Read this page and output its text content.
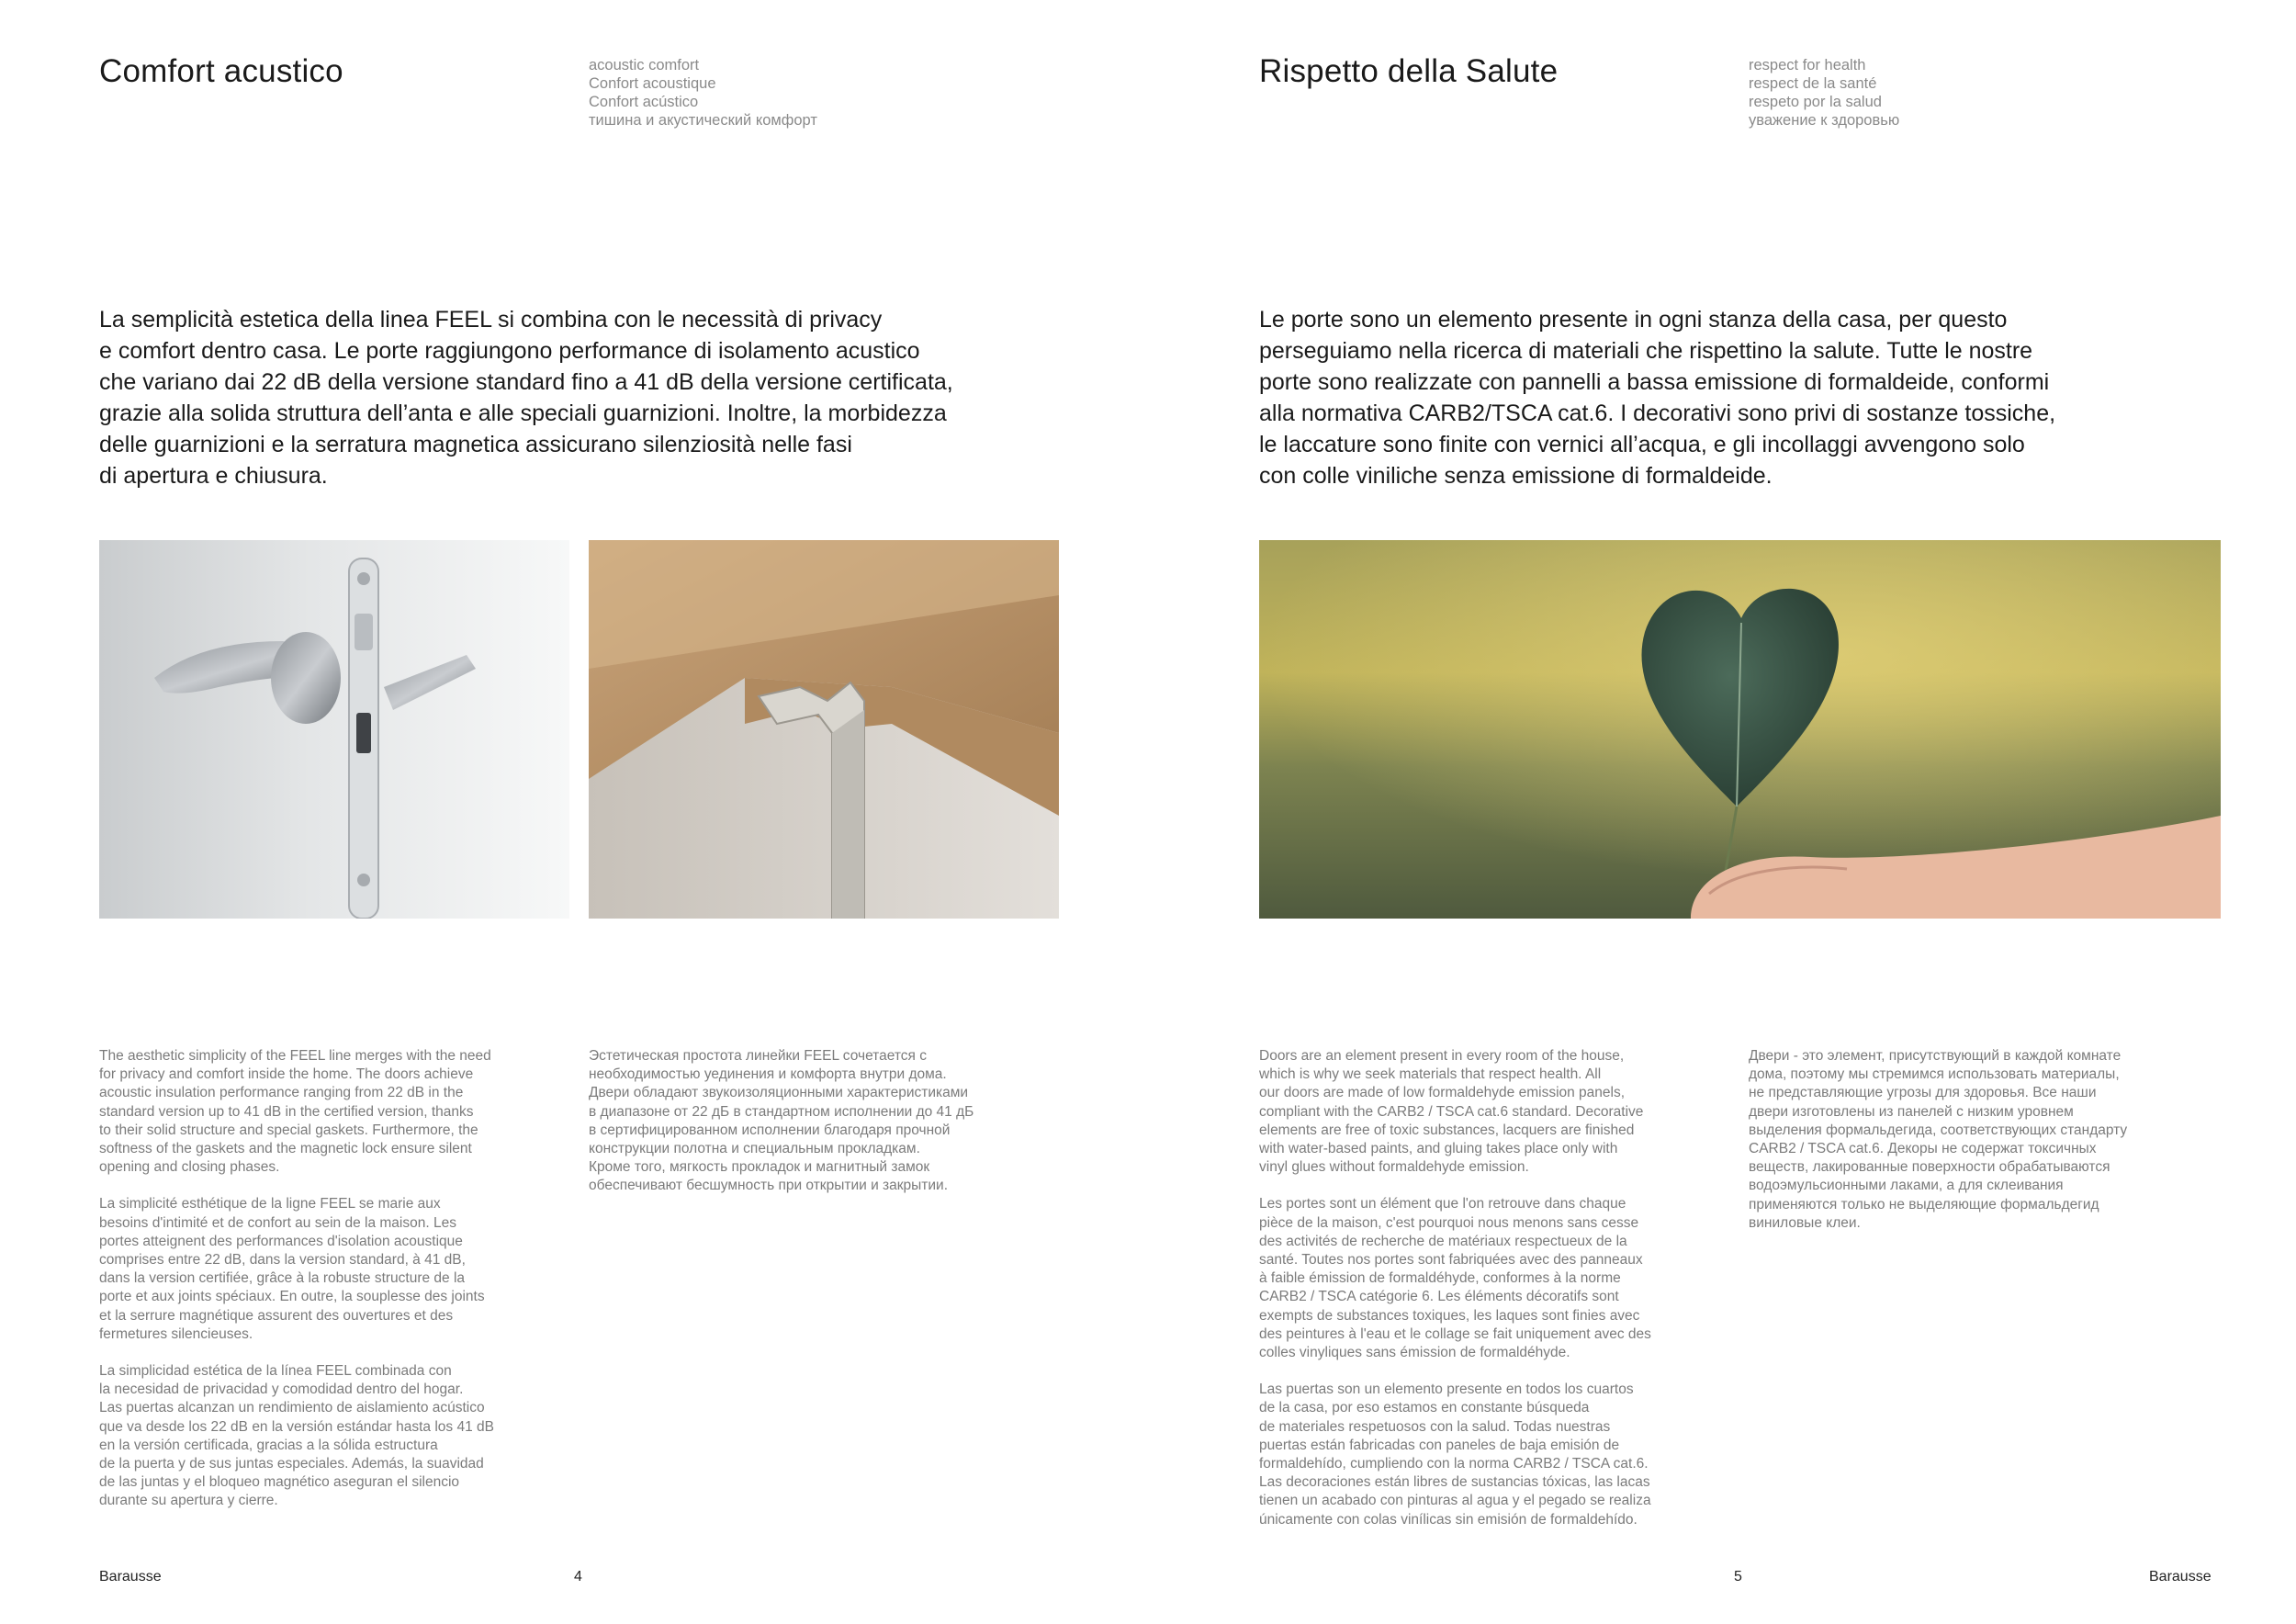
Comfort acustico	acoustic comfort
Confort acoustique
Confort acústico
тишина и акустический комфорт
La semplicità estetica della linea FEEL si combina con le necessità di privacy
e comfort dentro casa. Le porte raggiungono performance di isolamento acustico
che variano dai 22 dB della versione standard fino a 41 dB della versione certificata,
grazie alla solida struttura dell’anta e alle speciali guarnizioni. Inoltre, la morbidezza
delle guarnizioni e la serratura magnetica assicurano silenziosità nelle fasi
di apertura e chiusura.

The aesthetic simplicity of the FEEL line merges with the need
for privacy and comfort inside the home. The doors achieve
acoustic insulation performance ranging from 22 dB in the
standard version up to 41 dB in the certified version, thanks
to their solid structure and special gaskets. Furthermore, the
softness of the gaskets and the magnetic lock ensure silent
opening and closing phases.

La simplicité esthétique de la ligne FEEL se marie aux
besoins d'intimité et de confort au sein de la maison. Les
portes atteignent des performances d'isolation acoustique
comprises entre 22 dB, dans la version standard, à 41 dB,
dans la version certifiée, grâce à la robuste structure de la
porte et aux joints spéciaux. En outre, la souplesse des joints
et la serrure magnétique assurent des ouvertures et des
fermetures silencieuses.

La simplicidad estética de la línea FEEL combinada con
la necesidad de privacidad y comodidad dentro del hogar.
Las puertas alcanzan un rendimiento de aislamiento acústico
que va desde los 22 dB en la versión estándar hasta los 41 dB
en la versión certificada, gracias a la sólida estructura
de la puerta y de sus juntas especiales. Además, la suavidad
de las juntas y el bloqueo magnético aseguran el silencio
durante su apertura y cierre.

Эстетическая простота линейки FEEL сочетается с
необходимостью уединения и комфорта внутри дома.
Двери обладают звукоизоляционными характеристиками
в диапазоне от 22 дБ в стандартном исполнении до 41 дБ
в сертифицированном исполнении благодаря прочной
конструкции полотна и специальным прокладкам.
Кроме того, мягкость прокладок и магнитный замок
обеспечивают бесшумность при открытии и закрытии.

Barausse	4
Rispetto della Salute	respect for health
respect de la santé
respeto por la salud
уважение к здоровью
Le porte sono un elemento presente in ogni stanza della casa, per questo
perseguiamo nella ricerca di materiali che rispettino la salute. Tutte le nostre
porte sono realizzate con pannelli a bassa emissione di formaldeide, conformi
alla normativa CARB2/TSCA cat.6. I decorativi sono privi di sostanze tossiche,
le laccature sono finite con vernici all’acqua, e gli incollaggi avvengono solo
con colle viniliche senza emissione di formaldeide.

Doors are an element present in every room of the house,
which is why we seek materials that respect health. All
our doors are made of low formaldehyde emission panels,
compliant with the CARB2 / TSCA cat.6 standard. Decorative
elements are free of toxic substances, lacquers are finished
with water-based paints, and gluing takes place only with
vinyl glues without formaldehyde emission.

Les portes sont un élément que l'on retrouve dans chaque
pièce de la maison, c'est pourquoi nous menons sans cesse
des activités de recherche de matériaux respectueux de la
santé. Toutes nos portes sont fabriquées avec des panneaux
à faible émission de formaldéhyde, conformes à la norme
CARB2 / TSCA catégorie 6. Les éléments décoratifs sont
exempts de substances toxiques, les laques sont finies avec
des peintures à l'eau et le collage se fait uniquement avec des
colles vinyliques sans émission de formaldéhyde.

Las puertas son un elemento presente en todos los cuartos
de la casa, por eso estamos en constante búsqueda
de materiales respetuosos con la salud. Todas nuestras
puertas están fabricadas con paneles de baja emisión de
formaldehído, cumpliendo con la norma CARB2 / TSCA cat.6.
Las decoraciones están libres de sustancias tóxicas, las lacas
tienen un acabado con pinturas al agua y el pegado se realiza
únicamente con colas vinílicas sin emisión de formaldehído.

Двери - это элемент, присутствующий в каждой комнате
дома, поэтому мы стремимся использовать материалы,
не представляющие угрозы для здоровья. Все наши
двери изготовлены из панелей с низким уровнем
выделения формальдегида, соответствующих стандарту
CARB2 / TSCA cat.6. Декоры не содержат токсичных
веществ, лакированные поверхности обрабатываются
водоэмульсионными лаками, а для склеивания
применяются только не выделяющие формальдегид
виниловые клеи.

5	Barausse
